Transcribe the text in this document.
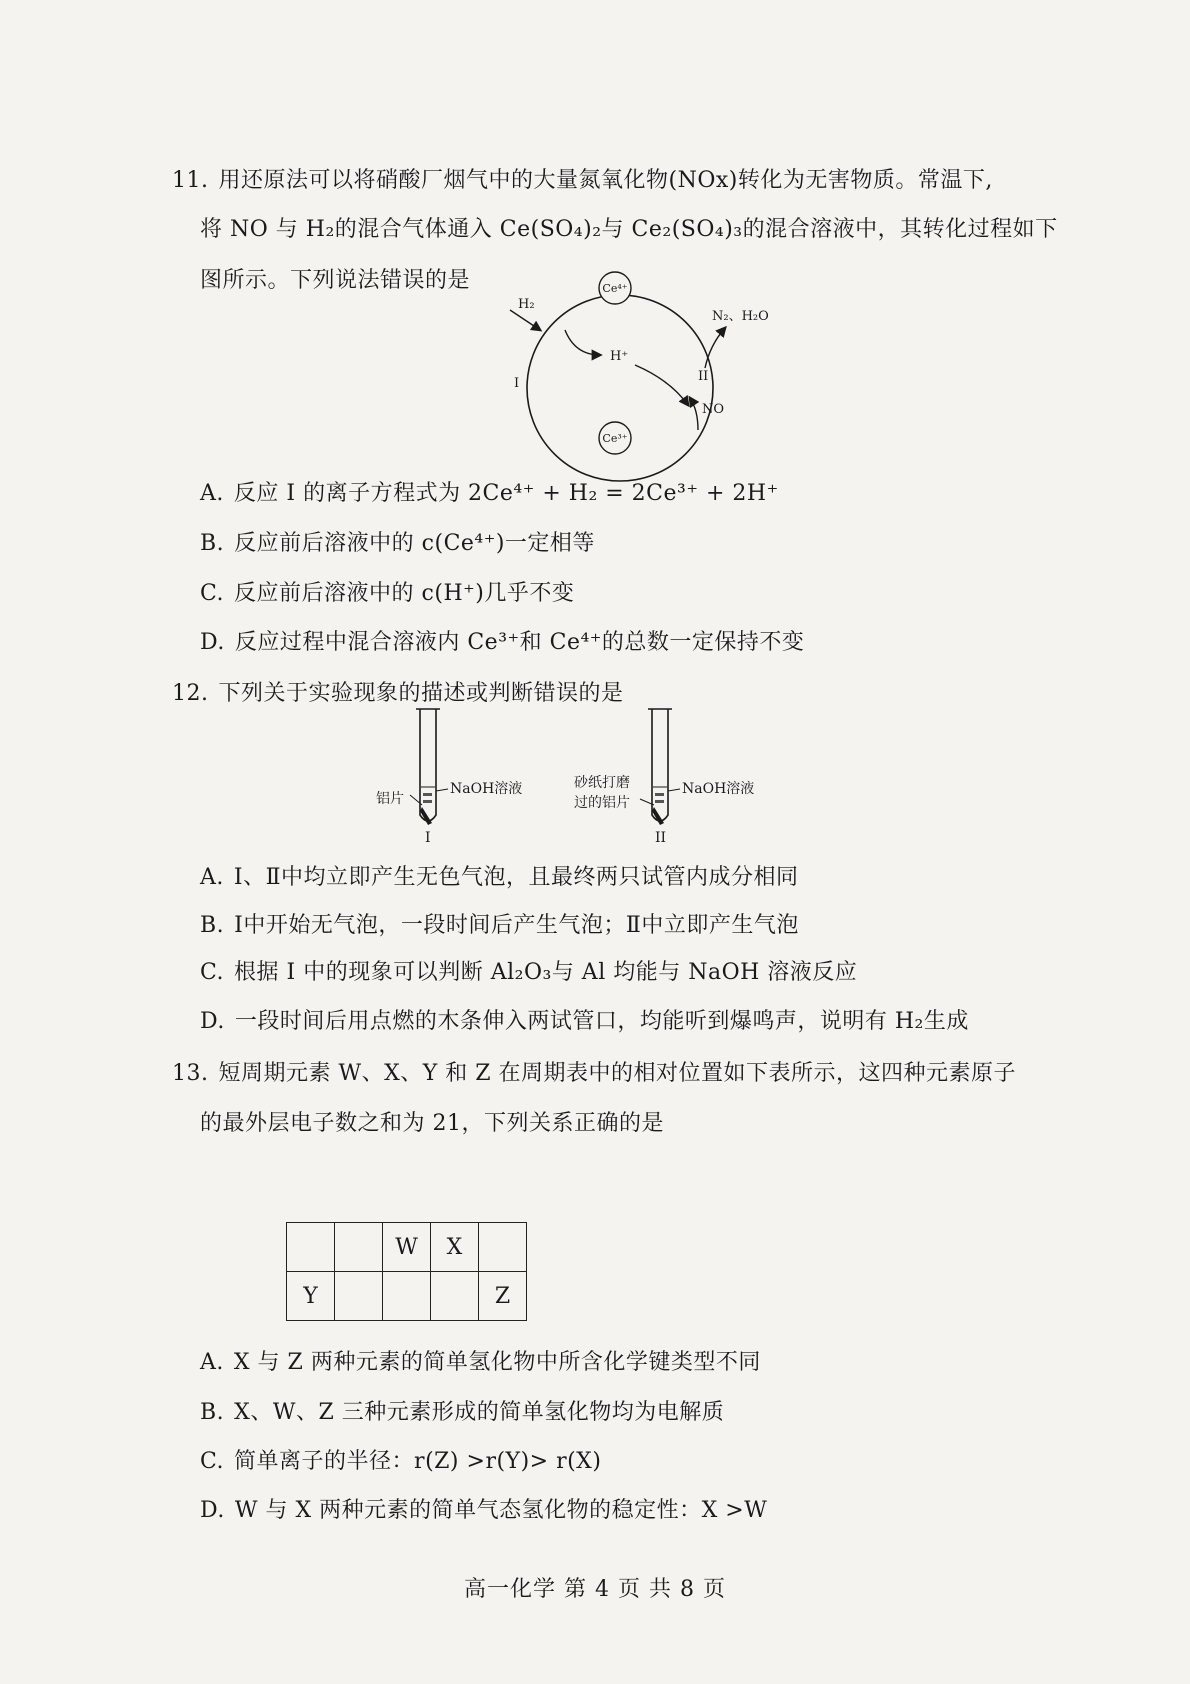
11. 用还原法可以将硝酸厂烟气中的大量氮氧化物(NOx)转化为无害物质。常温下,
将 NO 与 H₂的混合气体通入 Ce(SO₄)₂与 Ce₂(SO₄)₃的混合溶液中，其转化过程如下
图所示。下列说法错误的是	Ce⁴⁺
Ce³⁺
H₂
H⁺
N₂、H₂O
NO
I	II
A. 反应 I 的离子方程式为 2Ce⁴⁺ + H₂ = 2Ce³⁺ + 2H⁺
B. 反应前后溶液中的 c(Ce⁴⁺)一定相等
C. 反应前后溶液中的 c(H⁺)几乎不变
D. 反应过程中混合溶液内 Ce³⁺和 Ce⁴⁺的总数一定保持不变
12. 下列关于实验现象的描述或判断错误的是
铝片
NaOH溶液
I
砂纸打磨
过的铝片
NaOH溶液
II
A. Ⅰ、Ⅱ中均立即产生无色气泡，且最终两只试管内成分相同
B. Ⅰ中开始无气泡，一段时间后产生气泡；Ⅱ中立即产生气泡
C. 根据 I 中的现象可以判断 Al₂O₃与 Al 均能与 NaOH 溶液反应
D. 一段时间后用点燃的木条伸入两试管口，均能听到爆鸣声，说明有 H₂生成
13. 短周期元素 W、X、Y 和 Z 在周期表中的相对位置如下表所示，这四种元素原子
的最外层电子数之和为 21，下列关系正确的是
		W	X	
Y				Z
A. X 与 Z 两种元素的简单氢化物中所含化学键类型不同
B. X、W、Z 三种元素形成的简单氢化物均为电解质
C. 简单离子的半径：r(Z) >r(Y)> r(X)
D. W 与 X 两种元素的简单气态氢化物的稳定性：X >W
高一化学 第 4 页 共 8 页
